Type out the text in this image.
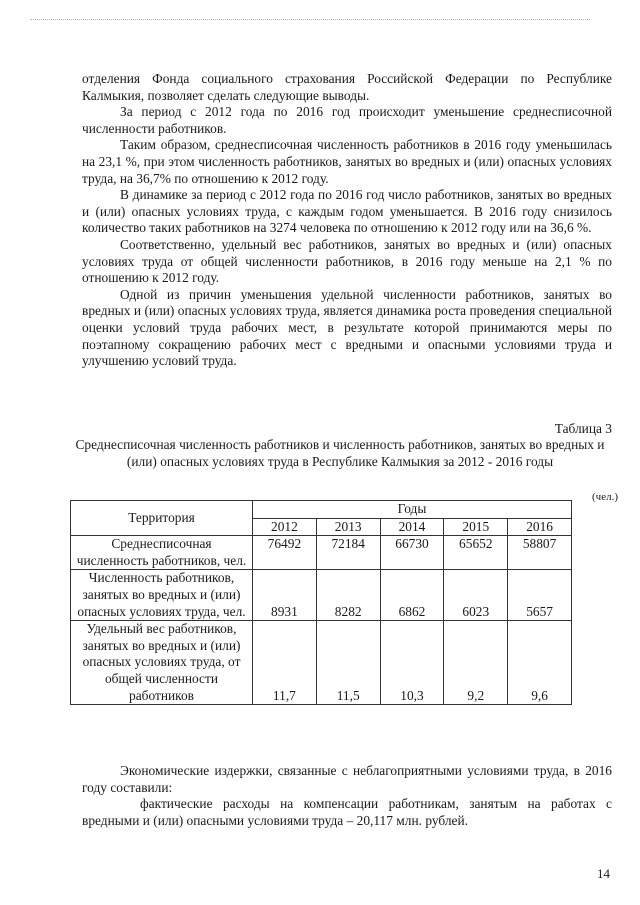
отделения Фонда социального страхования Российской Федерации по Республике Калмыкия, позволяет сделать следующие выводы.

За период с 2012 года по 2016 год происходит уменьшение среднесписочной численности работников.

Таким образом, среднесписочная численность работников в 2016 году уменьшилась на 23,1 %, при этом численность работников, занятых во вредных и (или) опасных условиях труда, на 36,7% по отношению к 2012 году.

В динамике за период с 2012 года по 2016 год число работников, занятых во вредных и (или) опасных условиях труда, с каждым годом уменьшается. В 2016 году снизилось количество таких работников на 3274 человека по отношению к 2012 году или на 36,6 %.

Соответственно, удельный вес работников, занятых во вредных и (или) опасных условиях труда от общей численности работников, в 2016 году меньше на 2,1 % по отношению к 2012 году.

Одной из причин уменьшения удельной численности работников, занятых во вредных и (или) опасных условиях труда, является динамика роста проведения специальной оценки условий труда рабочих мест, в результате которой принимаются меры по поэтапному сокращению рабочих мест с вредными и опасными условиями труда и улучшению условий труда.

Таблица 3
Среднесписочная численность работников и численность работников, занятых во вредных и (или) опасных условиях труда в Республике Калмыкия за 2012 - 2016 годы
(чел.)
Территория	Годы				
	2012	2013	2014	2015	2016
Среднесписочная численность работников, чел.	76492	72184	66730	65652	58807
Численность работников, занятых во вредных и (или) опасных условиях труда, чел.	8931	8282	6862	6023	5657
Удельный вес работников, занятых во вредных и (или) опасных условиях труда, от общей численности работников	11,7	11,5	10,3	9,2	9,6

Экономические издержки, связанные с неблагоприятными условиями труда, в 2016 году составили:

фактические расходы на компенсации работникам, занятым на работах с вредными и (или) опасными условиями труда – 20,117 млн. рублей.

14
